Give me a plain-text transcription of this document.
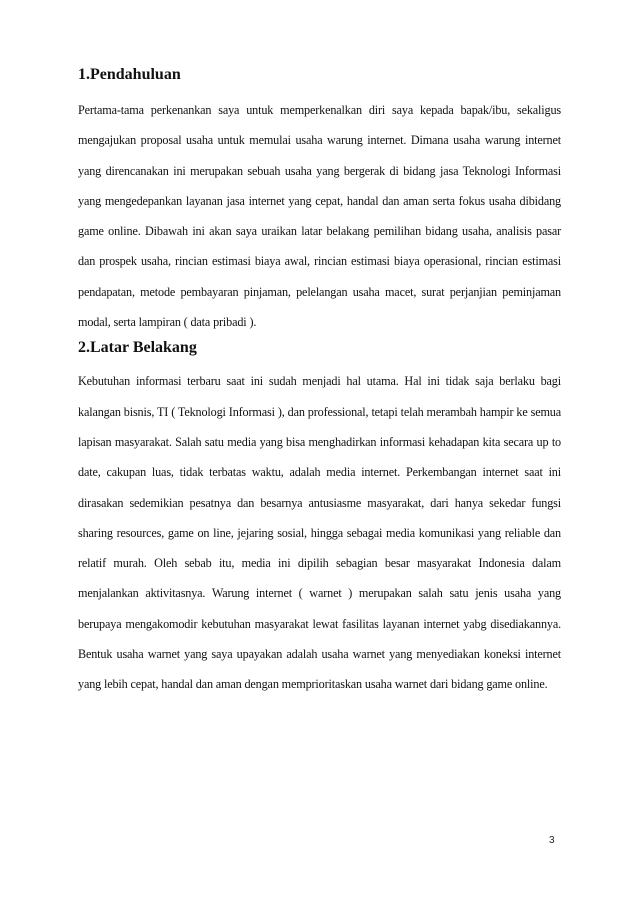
1.Pendahuluan

Pertama-tama perkenankan saya untuk memperkenalkan diri saya kepada bapak/ibu, sekaligus mengajukan proposal usaha untuk memulai usaha warung internet. Dimana usaha warung internet yang direncanakan ini merupakan sebuah usaha yang bergerak di bidang jasa Teknologi Informasi yang mengedepankan layanan jasa internet yang cepat, handal dan aman serta fokus usaha dibidang game online. Dibawah ini akan saya uraikan latar belakang pemilihan bidang usaha, analisis pasar dan prospek usaha, rincian estimasi biaya awal, rincian estimasi biaya operasional, rincian estimasi pendapatan, metode pembayaran pinjaman, pelelangan usaha macet, surat perjanjian peminjaman modal, serta lampiran ( data pribadi ).

2.Latar Belakang

Kebutuhan informasi terbaru saat ini sudah menjadi hal utama. Hal ini tidak saja berlaku bagi kalangan bisnis, TI ( Teknologi Informasi ), dan professional, tetapi telah merambah hampir ke semua lapisan masyarakat. Salah satu media yang bisa menghadirkan informasi kehadapan kita secara up to date, cakupan luas, tidak terbatas waktu, adalah media internet. Perkembangan internet saat ini dirasakan sedemikian pesatnya dan besarnya antusiasme masyarakat, dari hanya sekedar fungsi sharing resources, game on line, jejaring sosial, hingga sebagai media komunikasi yang reliable dan relatif murah. Oleh sebab itu, media ini dipilih sebagian besar masyarakat Indonesia dalam menjalankan aktivitasnya. Warung internet ( warnet ) merupakan salah satu jenis usaha yang berupaya mengakomodir kebutuhan masyarakat lewat fasilitas layanan internet yabg disediakannya. Bentuk usaha warnet yang saya upayakan adalah usaha warnet yang menyediakan koneksi internet yang lebih cepat, handal dan aman dengan memprioritaskan usaha warnet dari bidang game online.

3
